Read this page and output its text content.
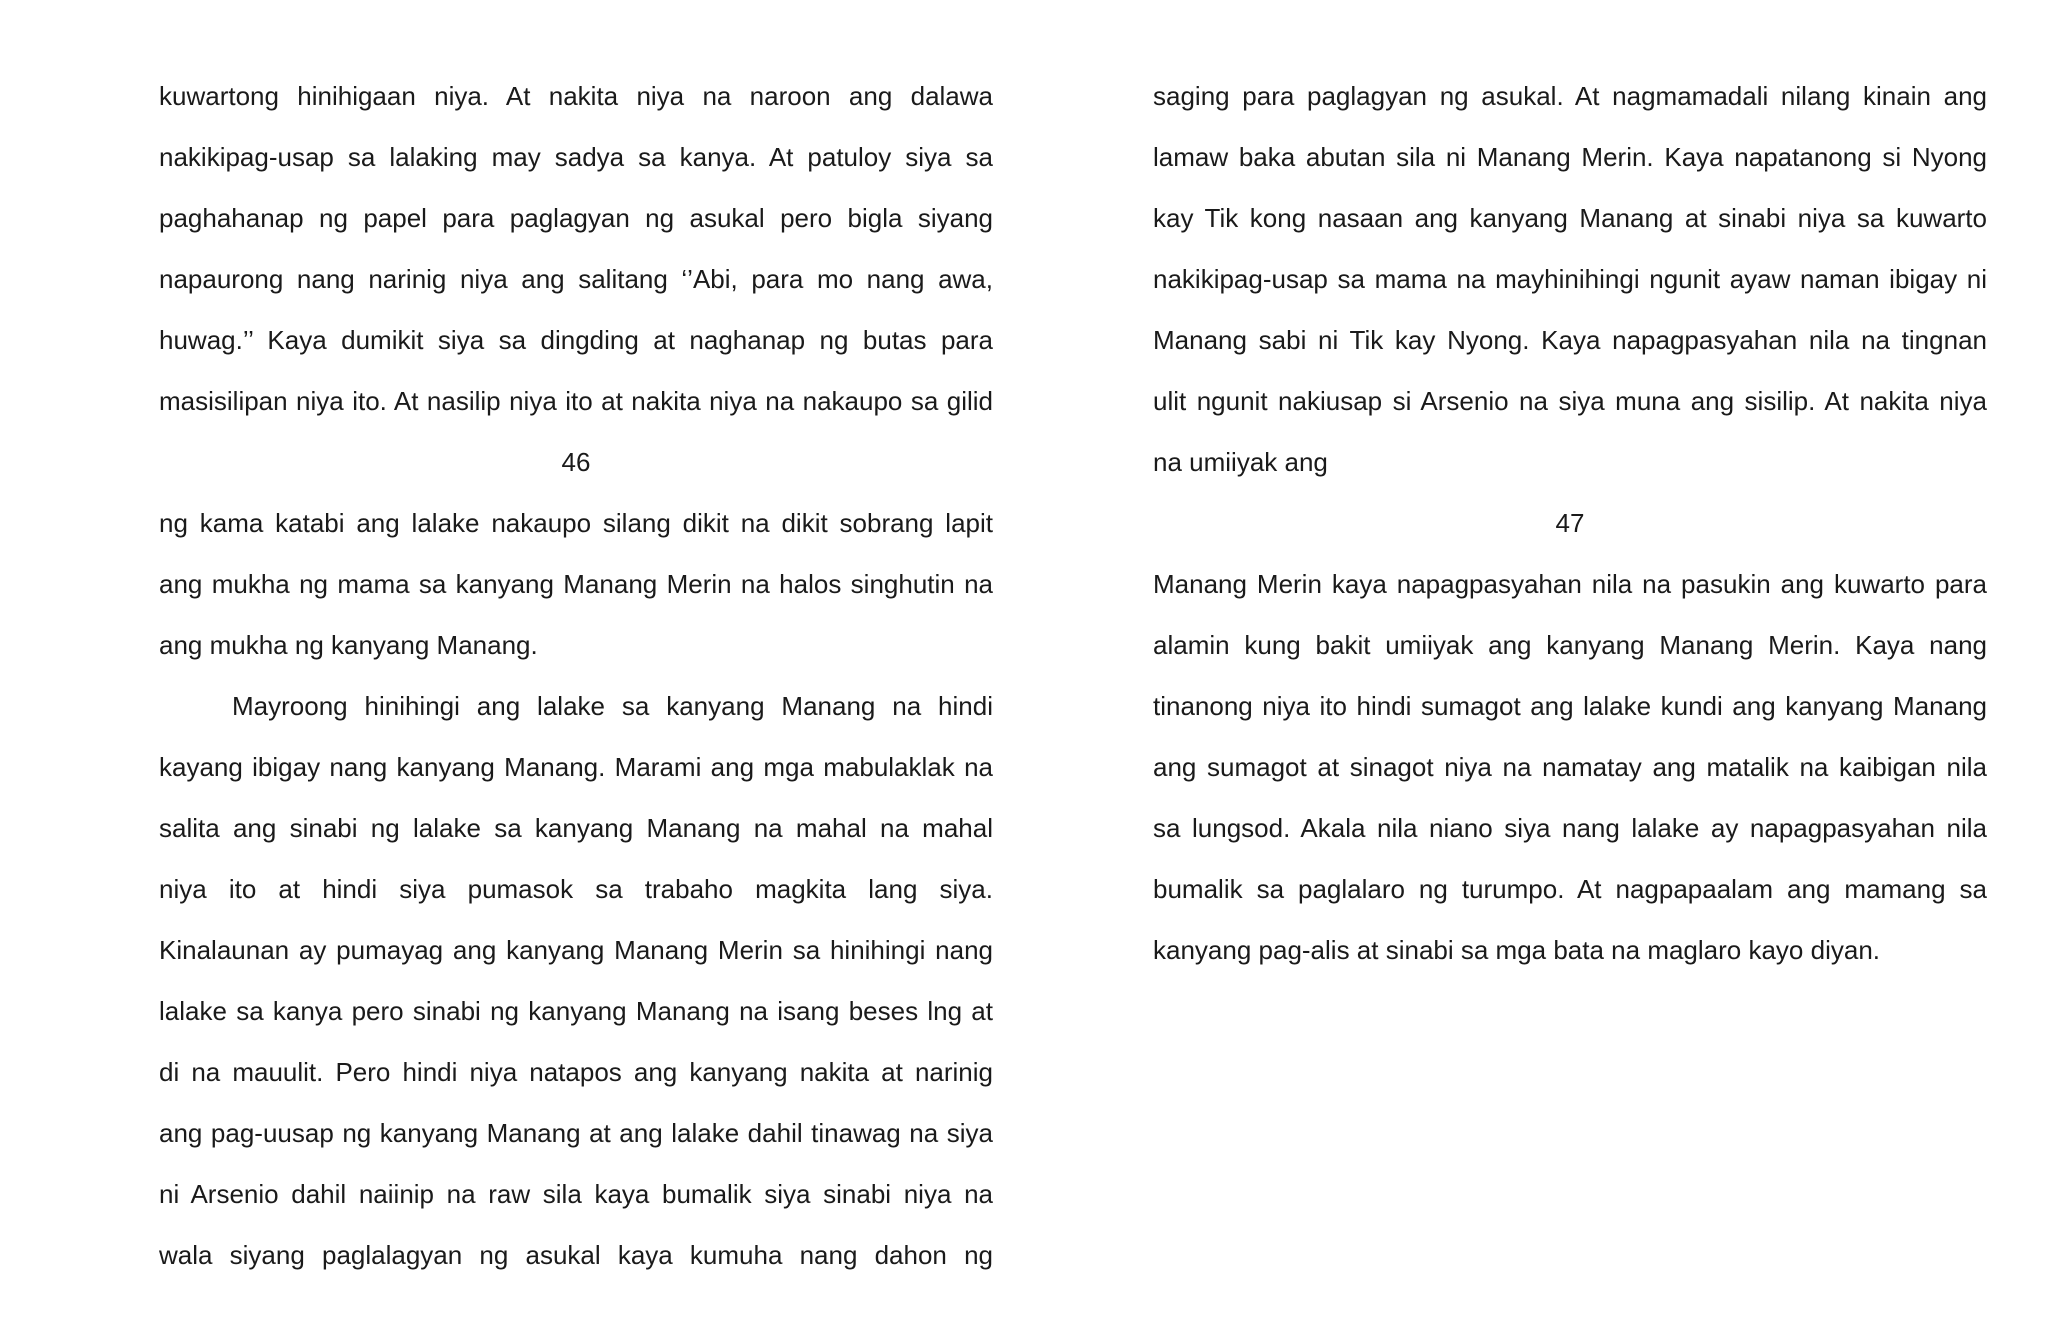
kuwartong hinihigaan niya. At nakita niya na naroon ang dalawa
nakikipag-usap sa lalaking may sadya sa kanya. At patuloy siya sa
paghahanap ng papel para paglagyan ng asukal pero bigla siyang
napaurong nang narinig niya ang salitang ‘’Abi, para mo nang awa,
huwag.’’ Kaya dumikit siya sa dingding at naghanap ng butas para
masisilipan niya ito. At nasilip niya ito at nakita niya na nakaupo sa gilid
46
ng kama katabi ang lalake nakaupo silang dikit na dikit sobrang lapit
ang mukha ng mama sa kanyang Manang Merin na halos singhutin na
ang mukha ng kanyang Manang.
Mayroong hinihingi ang lalake sa kanyang Manang na hindi
kayang ibigay nang kanyang Manang. Marami ang mga mabulaklak na
salita ang sinabi ng lalake sa kanyang Manang na mahal na mahal
niya ito at hindi siya pumasok sa trabaho magkita lang siya.
Kinalaunan ay pumayag ang kanyang Manang Merin sa hinihingi nang
lalake sa kanya pero sinabi ng kanyang Manang na isang beses lng at
di na mauulit. Pero hindi niya natapos ang kanyang nakita at narinig
ang pag-uusap ng kanyang Manang at ang lalake dahil tinawag na siya
ni Arsenio dahil naiinip na raw sila kaya bumalik siya sinabi niya na
wala siyang paglalagyan ng asukal kaya kumuha nang dahon ng
saging para paglagyan ng asukal. At nagmamadali nilang kinain ang
lamaw baka abutan sila ni Manang Merin. Kaya napatanong si Nyong
kay Tik kong nasaan ang kanyang Manang at sinabi niya sa kuwarto
nakikipag-usap sa mama na mayhinihingi ngunit ayaw naman ibigay ni
Manang sabi ni Tik kay Nyong. Kaya napagpasyahan nila na tingnan
ulit ngunit nakiusap si Arsenio na siya muna ang sisilip. At nakita niya
na umiiyak ang
47
Manang Merin kaya napagpasyahan nila na pasukin ang kuwarto para
alamin kung bakit umiiyak ang kanyang Manang Merin. Kaya nang
tinanong niya ito hindi sumagot ang lalake kundi ang kanyang Manang
ang sumagot at sinagot niya na namatay ang matalik na kaibigan nila
sa lungsod. Akala nila niano siya nang lalake ay napagpasyahan nila
bumalik sa paglalaro ng turumpo. At nagpapaalam ang mamang sa
kanyang pag-alis at sinabi sa mga bata na maglaro kayo diyan.
